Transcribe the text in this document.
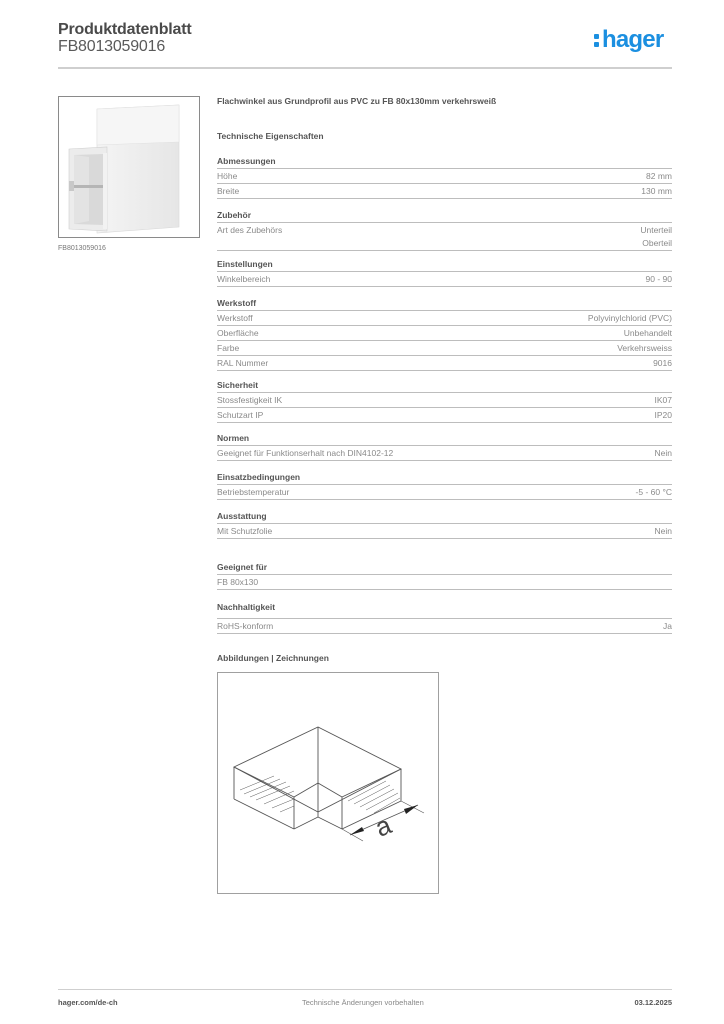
Produktdatenblatt
FB8013059016	hager
FB8013059016
Flachwinkel aus Grundprofil aus PVC zu FB 80x130mm verkehrsweiß
Technische Eigenschaften
Abmessungen
Höhe	82 mm
Breite	130 mm
Zubehör
Art des Zubehörs	Unterteil
Oberteil
Einstellungen
Winkelbereich	90 - 90
Werkstoff
Werkstoff	Polyvinylchlorid (PVC)
Oberfläche	Unbehandelt
Farbe	Verkehrsweiss
RAL Nummer	9016
Sicherheit
Stossfestigkeit IK	IK07
Schutzart IP	IP20
Normen
Geeignet für Funktionserhalt nach DIN4102-12	Nein
Einsatzbedingungen
Betriebstemperatur	-5 - 60 °C
Ausstattung
Mit Schutzfolie	Nein
Geeignet für
FB 80x130
Nachhaltigkeit
RoHS-konform	Ja
Abbildungen | Zeichnungen
a
hager.com/de-ch	Technische Änderungen vorbehalten	03.12.2025
